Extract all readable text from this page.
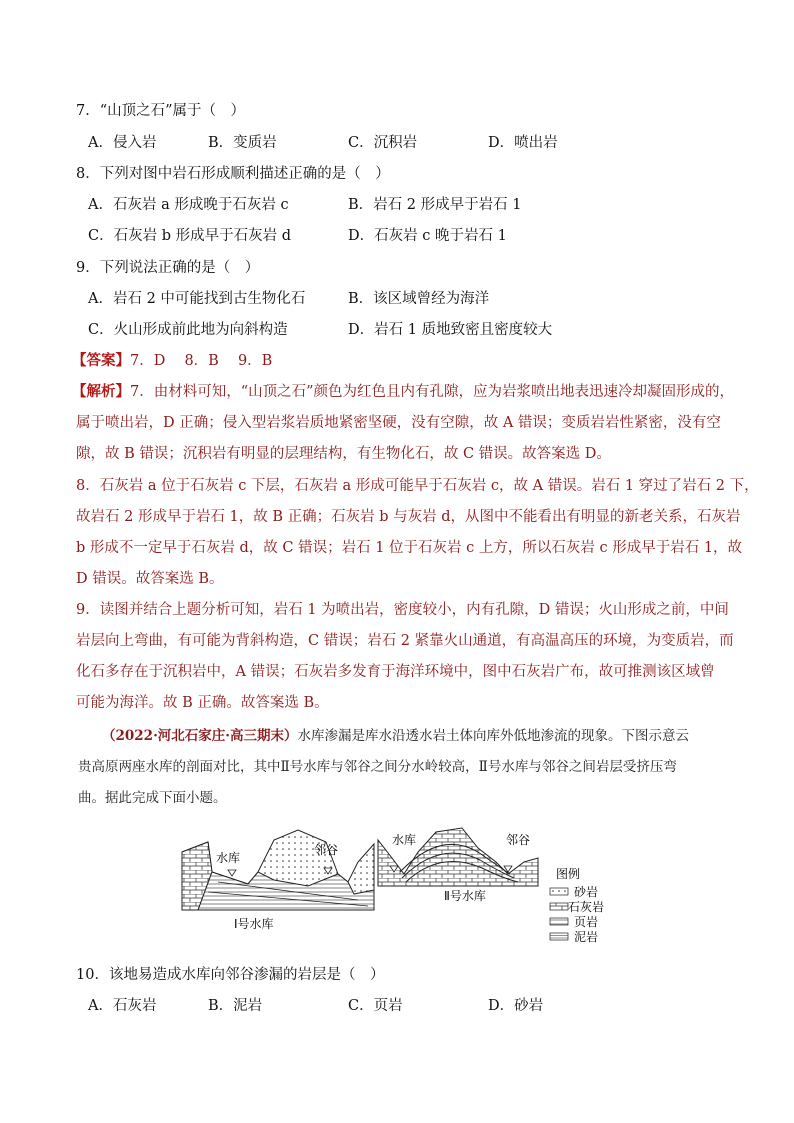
7．“山顶之石”属于（　）
A．侵入岩	B．变质岩	C．沉积岩	D．喷出岩
8．下列对图中岩石形成顺利描述正确的是（　）
A．石灰岩 a 形成晚于石灰岩 c	B．岩石 2 形成早于岩石 1
C．石灰岩 b 形成早于石灰岩 d	D．石灰岩 c 晚于岩石 1
9．下列说法正确的是（　）
A．岩石 2 中可能找到古生物化石	B．该区域曾经为海洋
C．火山形成前此地为向斜构造	D．岩石 1 质地致密且密度较大
【答案】7．D　 8．B　 9．B
【解析】7．由材料可知，“山顶之石”颜色为红色且内有孔隙，应为岩浆喷出地表迅速冷却凝固形成的，
属于喷出岩，D 正确；侵入型岩浆岩质地紧密坚硬，没有空隙，故 A 错误；变质岩岩性紧密，没有空
隙，故 B 错误；沉积岩有明显的层理结构，有生物化石，故 C 错误。故答案选 D。
8．石灰岩 a 位于石灰岩 c 下层，石灰岩 a 形成可能早于石灰岩 c，故 A 错误。岩石 1 穿过了岩石 2 下，
故岩石 2 形成早于岩石 1，故 B 正确；石灰岩 b 与灰岩 d，从图中不能看出有明显的新老关系，石灰岩
b 形成不一定早于石灰岩 d，故 C 错误；岩石 1 位于石灰岩 c 上方，所以石灰岩 c 形成早于岩石 1，故
D 错误。故答案选 B。
9．读图并结合上题分析可知，岩石 1 为喷出岩，密度较小，内有孔隙，D 错误；火山形成之前，中间
岩层向上弯曲，有可能为背斜构造，C 错误；岩石 2 紧靠火山通道，有高温高压的环境，为变质岩，而
化石多存在于沉积岩中，A 错误；石灰岩多发育于海洋环境中，图中石灰岩广布，故可推测该区域曾
可能为海洋。故 B 正确。故答案选 B。
（2022·河北石家庄·高三期末）水库渗漏是库水沿透水岩土体向库外低地渗流的现象。下图示意云
贵高原两座水库的剖面对比，其中Ⅱ号水库与邻谷之间分水岭较高，Ⅱ号水库与邻谷之间岩层受挤压弯
曲。据此完成下面小题。
水库
邻谷
Ⅰ号水库
水库	邻谷
Ⅱ号水库
图例
砂岩
石灰岩
页岩
泥岩
10．该地易造成水库向邻谷渗漏的岩层是（　）
A．石灰岩	B．泥岩	C．页岩	D．砂岩
